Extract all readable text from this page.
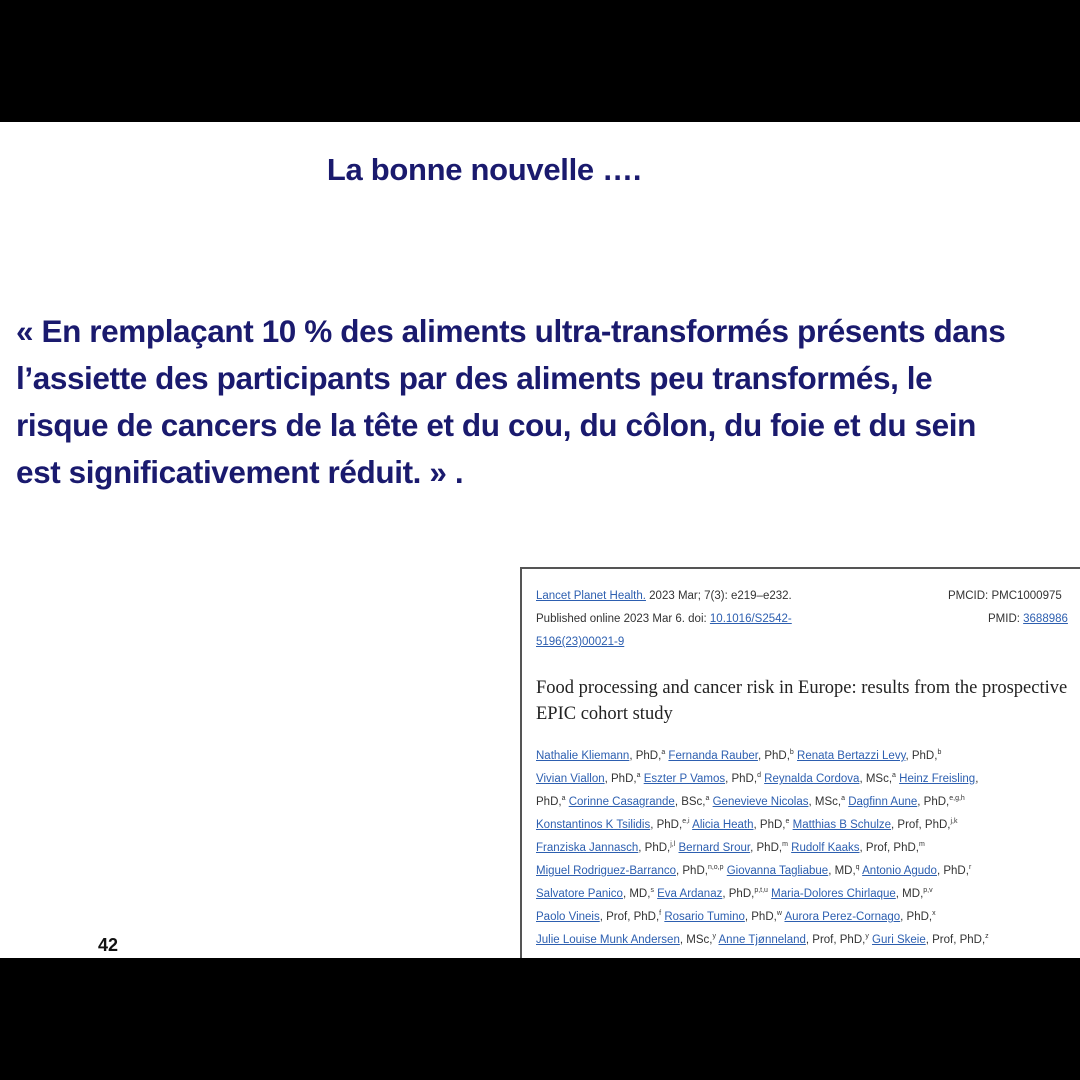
La bonne nouvelle ….
« En remplaçant 10 % des aliments ultra-transformés présents dans
l’assiette des participants par des aliments peu transformés, le
risque de cancers de la tête et du cou, du côlon, du foie et du sein
est significativement réduit. » .
Lancet Planet Health. 2023 Mar; 7(3): e219–e232.	PMCID: PMC1000975
Published online 2023 Mar 6. doi: 10.1016/S2542-	PMID: 3688986
5196(23)00021-9
Food processing and cancer risk in Europe: results from the prospective EPIC cohort study
Nathalie Kliemann, PhD,$^a$ Fernanda Rauber, PhD,$^b$ Renata Bertazzi Levy, PhD,$^b$
Vivian Viallon, PhD,$^a$ Eszter P Vamos, PhD,$^d$ Reynalda Cordova, MSc,$^a$ Heinz Freisling,
PhD,$^a$ Corinne Casagrande, BSc,$^a$ Genevieve Nicolas, MSc,$^a$ Dagfinn Aune, PhD,$^{e,g,h}$
Konstantinos K Tsilidis, PhD,$^{e,i}$ Alicia Heath, PhD,$^e$ Matthias B Schulze, Prof, PhD,$^{j,k}$
Franziska Jannasch, PhD,$^{j,l}$ Bernard Srour, PhD,$^m$ Rudolf Kaaks, Prof, PhD,$^m$
Miguel Rodriguez-Barranco, PhD,$^{n,o,p}$ Giovanna Tagliabue, MD,$^q$ Antonio Agudo, PhD,$^r$
Salvatore Panico, MD,$^s$ Eva Ardanaz, PhD,$^{p,t,u}$ Maria-Dolores Chirlaque, MD,$^{p,v}$
Paolo Vineis, Prof, PhD,$^f$ Rosario Tumino, PhD,$^w$ Aurora Perez-Cornago, PhD,$^x$
Julie Louise Munk Andersen, MSc,$^y$ Anne Tjønneland, Prof, PhD,$^y$ Guri Skeie, Prof, PhD,$^z$
42
